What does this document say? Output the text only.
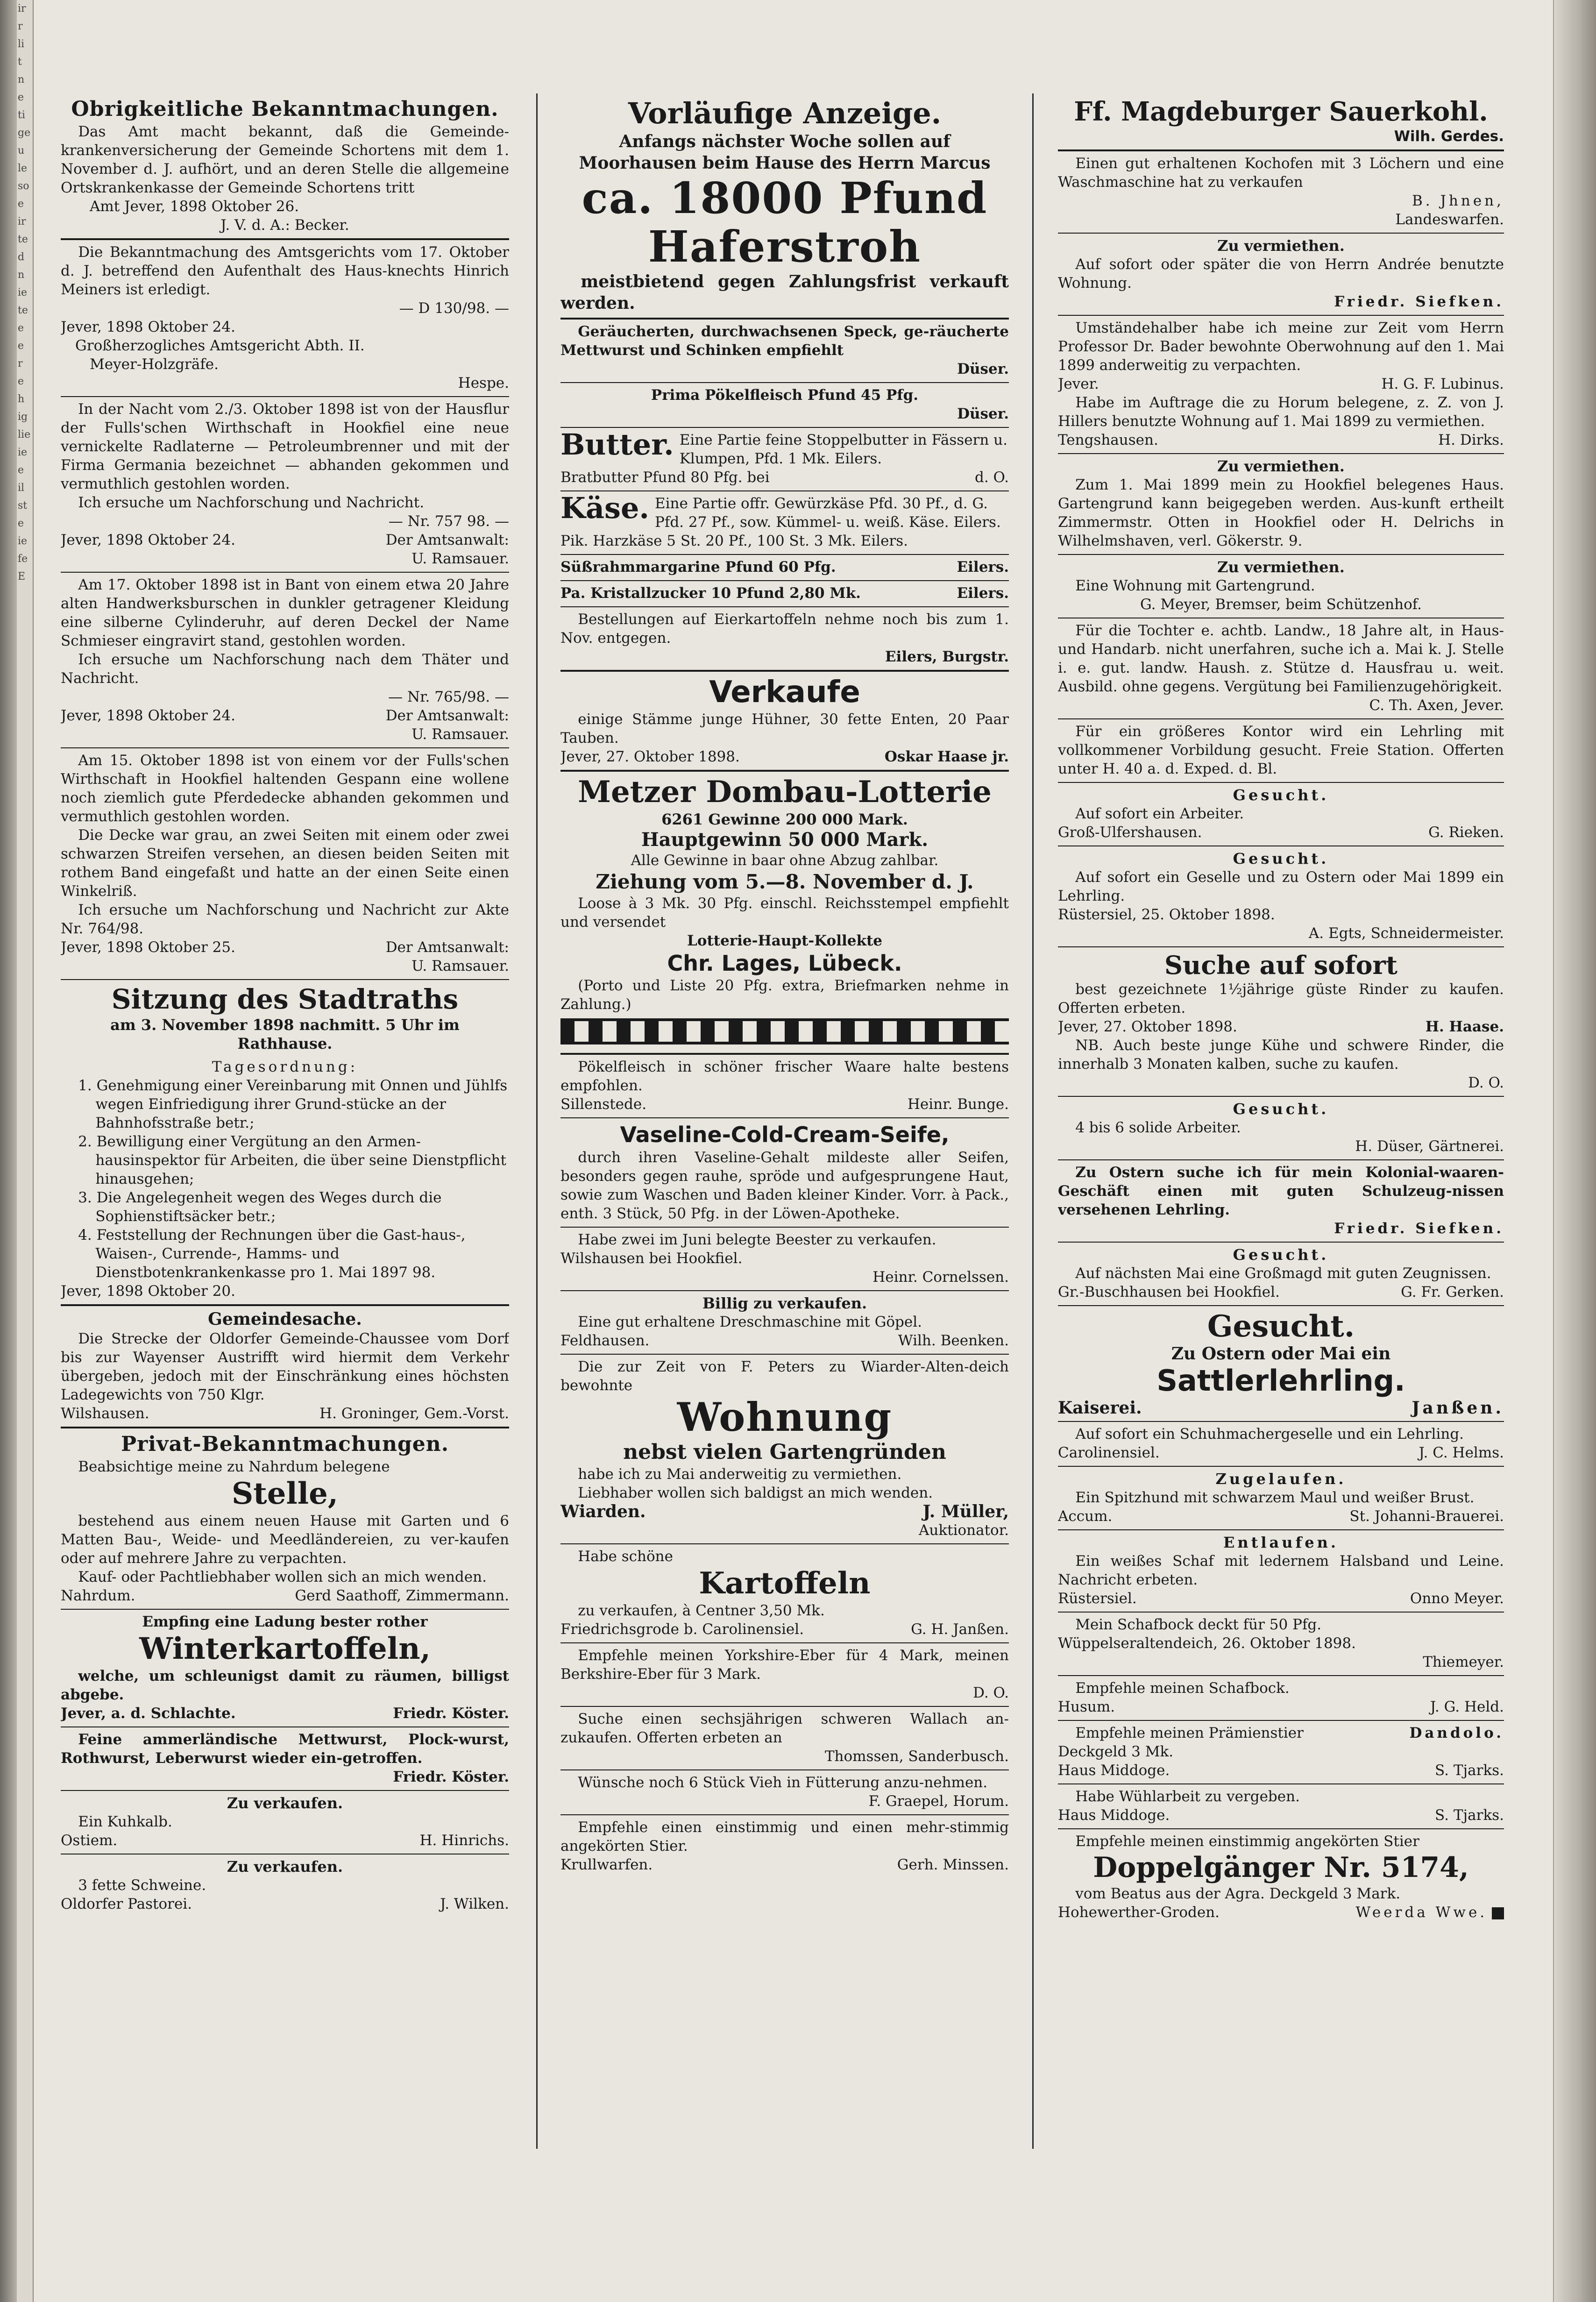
ir
r
li
t
n
e
ti
ge
u
le
so
e
ir
te
d
n
ie
te
e
e
r
e
h
ig
lie
ie
e
il
st
e
ie
fe
E
Obrigkeitliche Bekanntmachungen.
Das Amt macht bekannt, daß die Gemeinde-krankenversicherung der Gemeinde Schortens mit dem 1. November d. J. aufhört, und an deren Stelle die allgemeine Ortskrankenkasse der Gemeinde Schortens tritt
Amt Jever, 1898 Oktober 26.
J. V. d. A.: Becker.
Die Bekanntmachung des Amtsgerichts vom 17. Oktober d. J. betreffend den Aufenthalt des Haus-knechts Hinrich Meiners ist erledigt.
— D 130/98. —
Jever, 1898 Oktober 24.
Großherzogliches Amtsgericht Abth. II.
Meyer-Holzgräfe.
Hespe.
In der Nacht vom 2./3. Oktober 1898 ist von der Hausflur der Fulls'schen Wirthschaft in Hookfiel eine neue vernickelte Radlaterne — Petroleumbrenner und mit der Firma Germania bezeichnet — abhanden gekommen und vermuthlich gestohlen worden.
Ich ersuche um Nachforschung und Nachricht.
— Nr. 757 98. —
Jever, 1898 Oktober 24.	Der Amtsanwalt:
U. Ramsauer.
Am 17. Oktober 1898 ist in Bant von einem etwa 20 Jahre alten Handwerksburschen in dunkler getragener Kleidung eine silberne Cylinderuhr, auf deren Deckel der Name Schmieser eingravirt stand, gestohlen worden.
Ich ersuche um Nachforschung nach dem Thäter und Nachricht.
— Nr. 765/98. —
Jever, 1898 Oktober 24.	Der Amtsanwalt:
U. Ramsauer.
Am 15. Oktober 1898 ist von einem vor der Fulls'schen Wirthschaft in Hookfiel haltenden Gespann eine wollene noch ziemlich gute Pferdedecke abhanden gekommen und vermuthlich gestohlen worden.
Die Decke war grau, an zwei Seiten mit einem oder zwei schwarzen Streifen versehen, an diesen beiden Seiten mit rothem Band eingefaßt und hatte an der einen Seite einen Winkelriß.
Ich ersuche um Nachforschung und Nachricht zur Akte Nr. 764/98.
Jever, 1898 Oktober 25.	Der Amtsanwalt:
U. Ramsauer.
Sitzung des Stadtraths
am 3. November 1898 nachmitt. 5 Uhr im Rathhause.
Tagesordnung:
1. Genehmigung einer Vereinbarung mit Onnen und Jühlfs wegen Einfriedigung ihrer Grund-stücke an der Bahnhofsstraße betr.;
2. Bewilligung einer Vergütung an den Armen-hausinspektor für Arbeiten, die über seine Dienstpflicht hinausgehen;
3. Die Angelegenheit wegen des Weges durch die Sophienstiftsäcker betr.;
4. Feststellung der Rechnungen über die Gast-haus-, Waisen-, Currende-, Hamms- und Dienstbotenkrankenkasse pro 1. Mai 1897 98.
Jever, 1898 Oktober 20.
Gemeindesache.
Die Strecke der Oldorfer Gemeinde-Chaussee vom Dorf bis zur Wayenser Austrifft wird hiermit dem Verkehr übergeben, jedoch mit der Einschränkung eines höchsten Ladegewichts von 750 Klgr.
Wilshausen.	H. Groninger, Gem.-Vorst.
Privat-Bekanntmachungen.
Beabsichtige meine zu Nahrdum belegene
Stelle,
bestehend aus einem neuen Hause mit Garten und 6 Matten Bau-, Weide- und Meedländereien, zu ver-kaufen oder auf mehrere Jahre zu verpachten.
Kauf- oder Pachtliebhaber wollen sich an mich wenden.
Nahrdum.	Gerd Saathoff, Zimmermann.
Empfing eine Ladung bester rother
Winterkartoffeln,
welche, um schleunigst damit zu räumen, billigst abgebe.
Jever, a. d. Schlachte.	Friedr. Köster.
Feine ammerländische Mettwurst, Plock-wurst, Rothwurst, Leberwurst wieder ein-getroffen.
Friedr. Köster.
Zu verkaufen.
Ein Kuhkalb.
Ostiem.	H. Hinrichs.
Zu verkaufen.
3 fette Schweine.
Oldorfer Pastorei.	J. Wilken.
Vorläufige Anzeige.
Anfangs nächster Woche sollen auf Moorhausen beim Hause des Herrn Marcus
ca. 18000 Pfund
Haferstroh
meistbietend gegen Zahlungsfrist verkauft werden.
Geräucherten, durchwachsenen Speck, ge-räucherte Mettwurst und Schinken empfiehlt
Düser.
Prima Pökelfleisch Pfund 45 Pfg.
Düser.
Butter. Eine Partie feine Stoppelbutter in Fässern u. Klumpen, Pfd. 1 Mk. Eilers.
Bratbutter Pfund 80 Pfg. bei	d. O.
Käse. Eine Partie offr. Gewürzkäse Pfd. 30 Pf., d. G. Pfd. 27 Pf., sow. Kümmel- u. weiß. Käse. Eilers.
Pik. Harzkäse 5 St. 20 Pf., 100 St. 3 Mk. Eilers.
Süßrahmmargarine Pfund 60 Pfg.	Eilers.
Pa. Kristallzucker 10 Pfund 2,80 Mk.	Eilers.
Bestellungen auf Eierkartoffeln nehme noch bis zum 1. Nov. entgegen.
Eilers, Burgstr.
Verkaufe
einige Stämme junge Hühner, 30 fette Enten, 20 Paar Tauben.
Jever, 27. Oktober 1898.	Oskar Haase jr.
Metzer Dombau-Lotterie
6261 Gewinne 200 000 Mark.
Hauptgewinn 50 000 Mark.
Alle Gewinne in baar ohne Abzug zahlbar.
Ziehung vom 5.—8. November d. J.
Loose à 3 Mk. 30 Pfg. einschl. Reichsstempel empfiehlt und versendet
Lotterie-Haupt-Kollekte
Chr. Lages, Lübeck.
(Porto und Liste 20 Pfg. extra, Briefmarken nehme in Zahlung.)
Pökelfleisch in schöner frischer Waare halte bestens empfohlen.
Sillenstede.	Heinr. Bunge.
Vaseline-Cold-Cream-Seife,
durch ihren Vaseline-Gehalt mildeste aller Seifen, besonders gegen rauhe, spröde und aufgesprungene Haut, sowie zum Waschen und Baden kleiner Kinder. Vorr. à Pack., enth. 3 Stück, 50 Pfg. in der Löwen-Apotheke.
Habe zwei im Juni belegte Beester zu verkaufen.
Wilshausen bei Hookfiel.
Heinr. Cornelssen.
Billig zu verkaufen.
Eine gut erhaltene Dreschmaschine mit Göpel.
Feldhausen.	Wilh. Beenken.
Die zur Zeit von F. Peters zu Wiarder-Alten-deich bewohnte
Wohnung
nebst vielen Gartengründen
habe ich zu Mai anderweitig zu vermiethen.
Liebhaber wollen sich baldigst an mich wenden.
Wiarden.	J. Müller,
Auktionator.
Habe schöne
Kartoffeln
zu verkaufen, à Centner 3,50 Mk.
Friedrichsgrode b. Carolinensiel.	G. H. Janßen.
Empfehle meinen Yorkshire-Eber für 4 Mark, meinen Berkshire-Eber für 3 Mark.
D. O.
Suche einen sechsjährigen schweren Wallach an-zukaufen. Offerten erbeten an
Thomssen, Sanderbusch.
Wünsche noch 6 Stück Vieh in Fütterung anzu-nehmen.
F. Graepel, Horum.
Empfehle einen einstimmig und einen mehr-stimmig angekörten Stier.
Krullwarfen.	Gerh. Minssen.
Ff. Magdeburger Sauerkohl.
Wilh. Gerdes.
Einen gut erhaltenen Kochofen mit 3 Löchern und eine Waschmaschine hat zu verkaufen
B. Jhnen,
Landeswarfen.
Zu vermiethen.
Auf sofort oder später die von Herrn Andrée benutzte Wohnung.
Friedr. Siefken.
Umständehalber habe ich meine zur Zeit vom Herrn Professor Dr. Bader bewohnte Oberwohnung auf den 1. Mai 1899 anderweitig zu verpachten.
Jever.	H. G. F. Lubinus.
Habe im Auftrage die zu Horum belegene, z. Z. von J. Hillers benutzte Wohnung auf 1. Mai 1899 zu vermiethen.
Tengshausen.	H. Dirks.
Zu vermiethen.
Zum 1. Mai 1899 mein zu Hookfiel belegenes Haus. Gartengrund kann beigegeben werden. Aus-kunft ertheilt Zimmermstr. Otten in Hookfiel oder H. Delrichs in Wilhelmshaven, verl. Gökerstr. 9.
Zu vermiethen.
Eine Wohnung mit Gartengrund.
G. Meyer, Bremser, beim Schützenhof.
Für die Tochter e. achtb. Landw., 18 Jahre alt, in Haus- und Handarb. nicht unerfahren, suche ich a. Mai k. J. Stelle i. e. gut. landw. Haush. z. Stütze d. Hausfrau u. weit. Ausbild. ohne gegens. Vergütung bei Familienzugehörigkeit.
C. Th. Axen, Jever.
Für ein größeres Kontor wird ein Lehrling mit vollkommener Vorbildung gesucht. Freie Station. Offerten unter H. 40 a. d. Exped. d. Bl.
Gesucht.
Auf sofort ein Arbeiter.
Groß-Ulfershausen.	G. Rieken.
Gesucht.
Auf sofort ein Geselle und zu Ostern oder Mai 1899 ein Lehrling.
Rüstersiel, 25. Oktober 1898.
A. Egts, Schneidermeister.
Suche auf sofort
best gezeichnete 1½jährige güste Rinder zu kaufen. Offerten erbeten.
Jever, 27. Oktober 1898.	H. Haase.
NB. Auch beste junge Kühe und schwere Rinder, die innerhalb 3 Monaten kalben, suche zu kaufen.
D. O.
Gesucht.
4 bis 6 solide Arbeiter.
H. Düser, Gärtnerei.
Zu Ostern suche ich für mein Kolonial-waaren-Geschäft einen mit guten Schulzeug-nissen versehenen Lehrling.
Friedr. Siefken.
Gesucht.
Auf nächsten Mai eine Großmagd mit guten Zeugnissen.
Gr.-Buschhausen bei Hookfiel.	G. Fr. Gerken.
Gesucht.
Zu Ostern oder Mai ein
Sattlerlehrling.
Kaiserei.	Janßen.
Auf sofort ein Schuhmachergeselle und ein Lehrling.
Carolinensiel.	J. C. Helms.
Zugelaufen.
Ein Spitzhund mit schwarzem Maul und weißer Brust.
Accum.	St. Johanni-Brauerei.
Entlaufen.
Ein weißes Schaf mit ledernem Halsband und Leine. Nachricht erbeten.
Rüstersiel.	Onno Meyer.
Mein Schafbock deckt für 50 Pfg.
Wüppelseraltendeich, 26. Oktober 1898.
Thiemeyer.
Empfehle meinen Schafbock.
Husum.	J. G. Held.
Empfehle meinen Prämienstier	Dandolo.
Deckgeld 3 Mk.
Haus Middoge.	S. Tjarks.
Habe Wühlarbeit zu vergeben.
Haus Middoge.	S. Tjarks.
Empfehle meinen einstimmig angekörten Stier
Doppelgänger Nr. 5174,
vom Beatus aus der Agra. Deckgeld 3 Mark.
Hohewerther-Groden.	Weerda Wwe.
